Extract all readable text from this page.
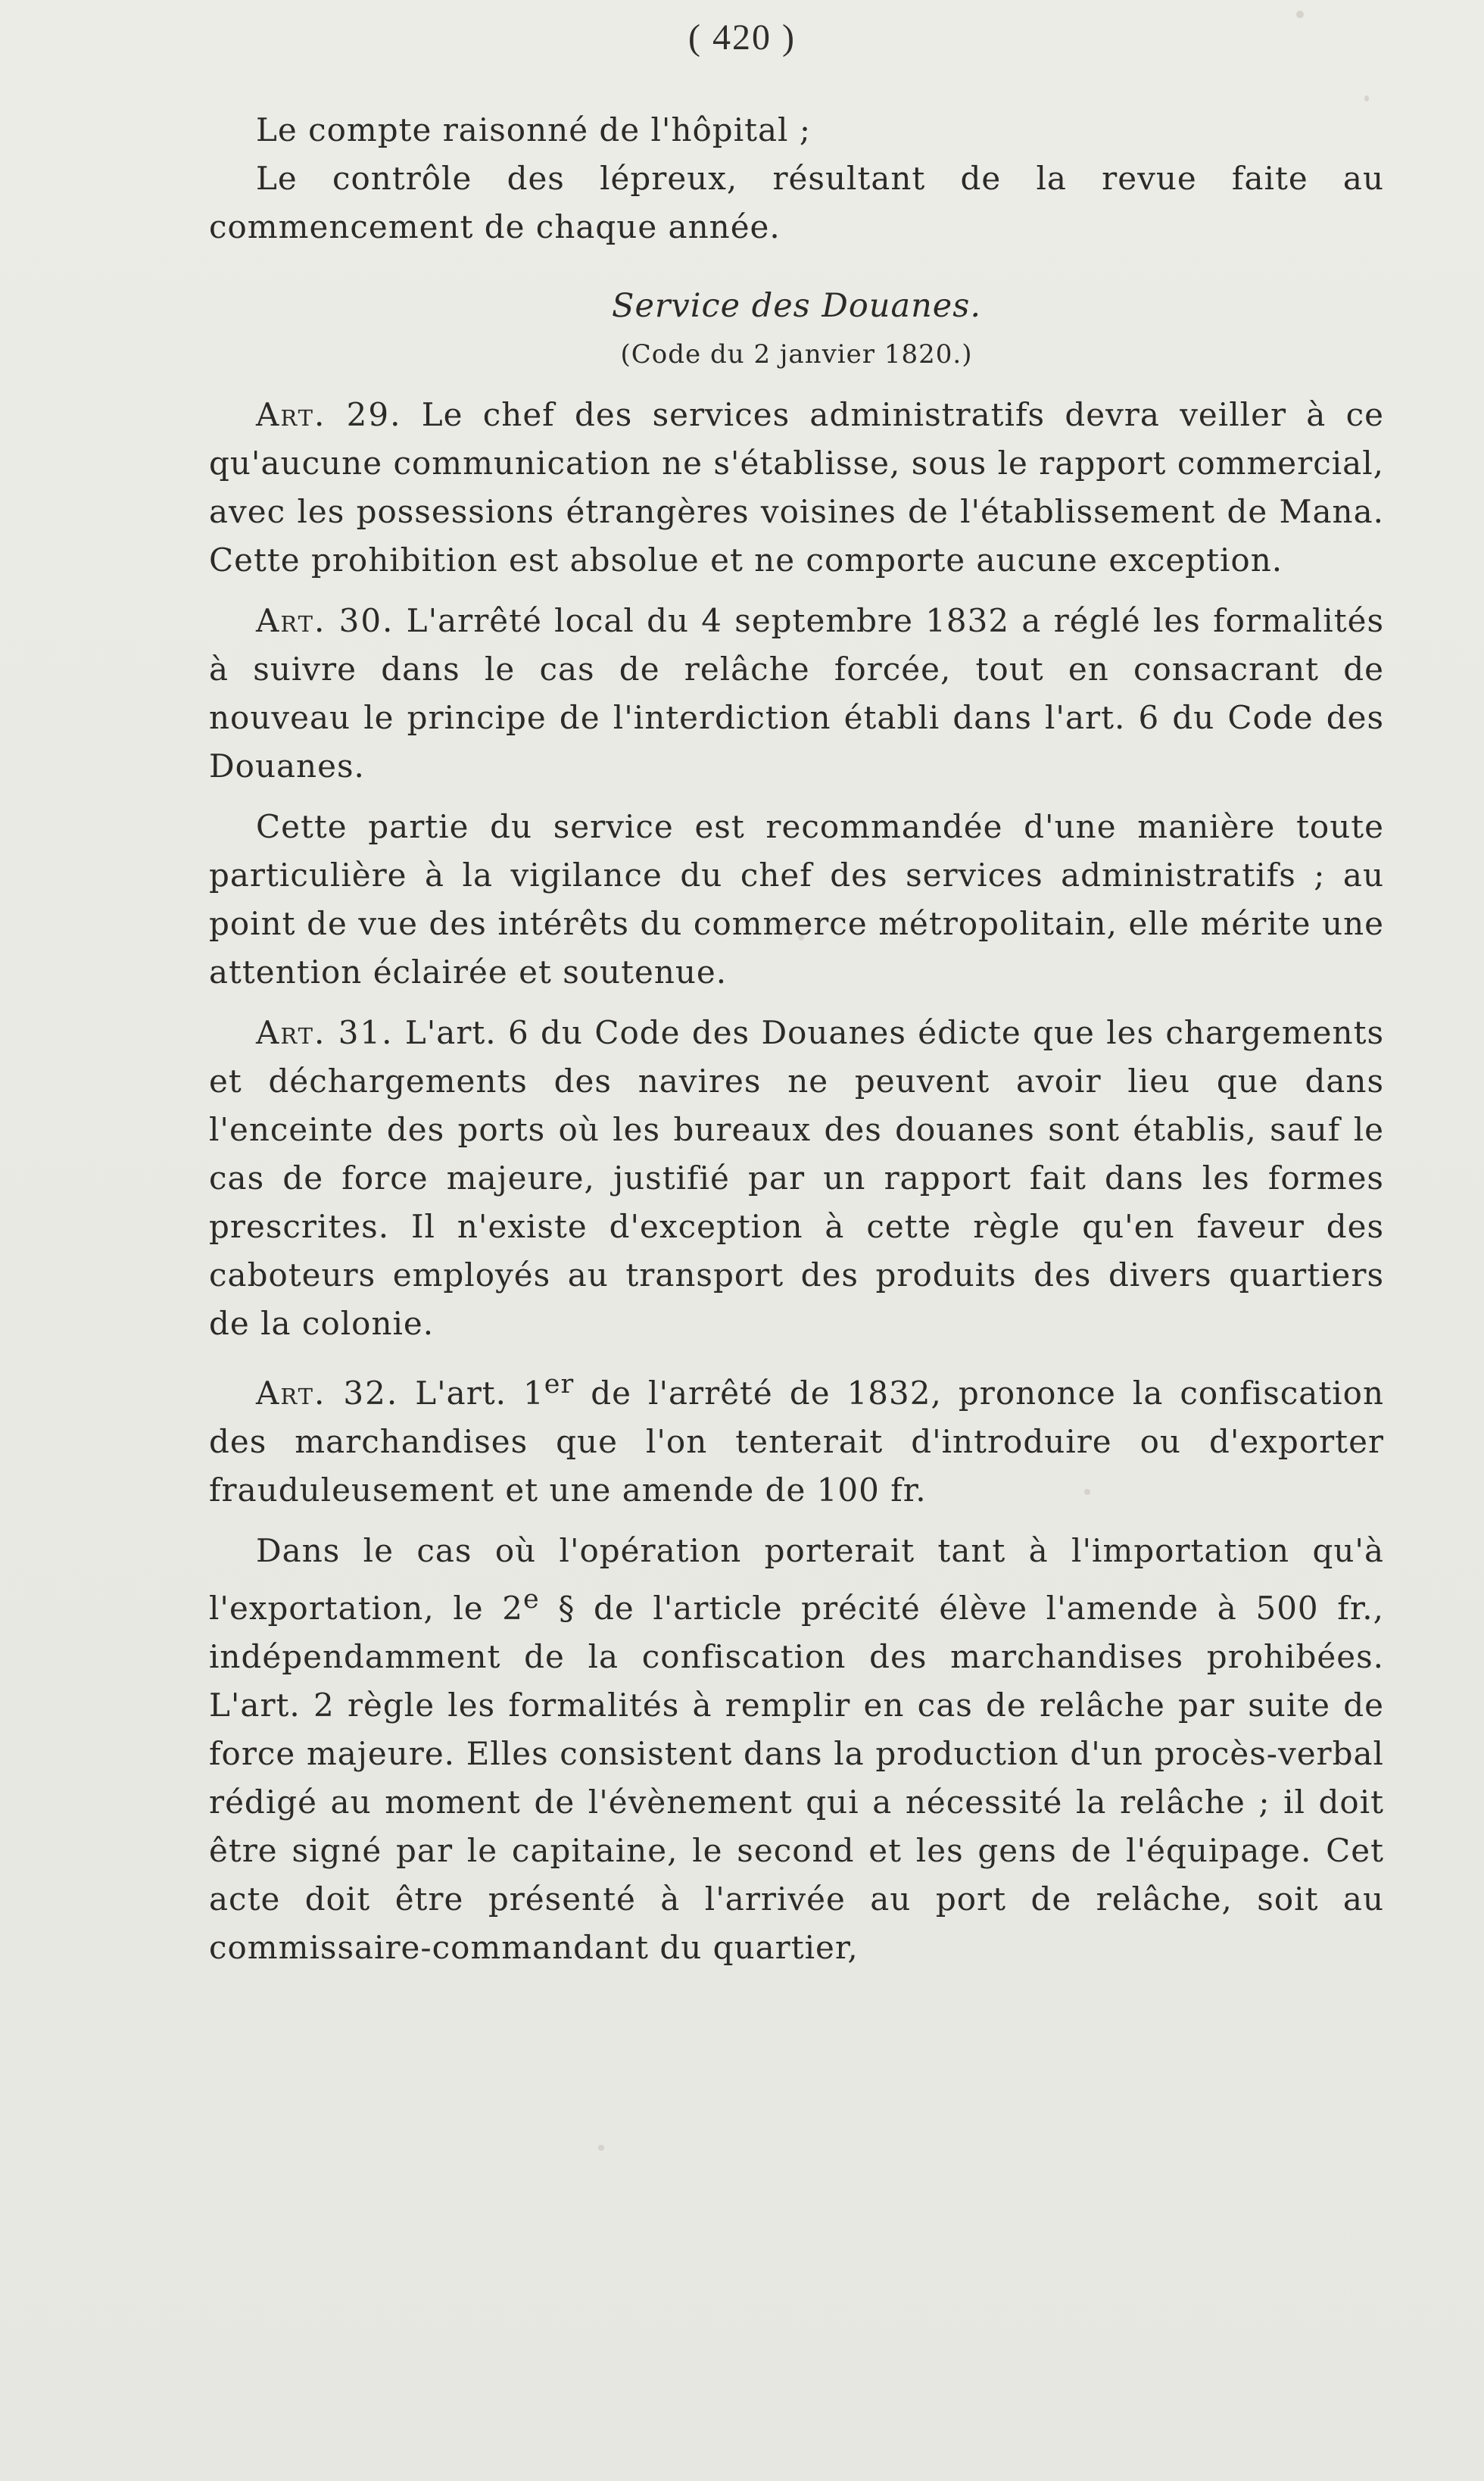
( 420 )

Le compte raisonné de l'hôpital ;

Le contrôle des lépreux, résultant de la revue faite au commencement de chaque année.

Service des Douanes.
(Code du 2 janvier 1820.)

Art. 29. Le chef des services administratifs devra veiller à ce qu'aucune communication ne s'établisse, sous le rapport commercial, avec les possessions étrangères voisines de l'établissement de Mana. Cette prohibition est absolue et ne comporte aucune exception.

Art. 30. L'arrêté local du 4 septembre 1832 a réglé les formalités à suivre dans le cas de relâche forcée, tout en consacrant de nouveau le principe de l'interdiction établi dans l'art. 6 du Code des Douanes.

Cette partie du service est recommandée d'une manière toute particulière à la vigilance du chef des services administratifs ; au point de vue des intérêts du commerce métropolitain, elle mérite une attention éclairée et soutenue.

Art. 31. L'art. 6 du Code des Douanes édicte que les chargements et déchargements des navires ne peuvent avoir lieu que dans l'enceinte des ports où les bureaux des douanes sont établis, sauf le cas de force majeure, justifié par un rapport fait dans les formes prescrites. Il n'existe d'exception à cette règle qu'en faveur des caboteurs employés au transport des produits des divers quartiers de la colonie.

Art. 32. L'art. 1er de l'arrêté de 1832, prononce la confiscation des marchandises que l'on tenterait d'introduire ou d'exporter frauduleusement et une amende de 100 fr.

Dans le cas où l'opération porterait tant à l'importation qu'à l'exportation, le 2e § de l'article précité élève l'amende à 500 fr., indépendamment de la confiscation des marchandises prohibées. L'art. 2 règle les formalités à remplir en cas de relâche par suite de force majeure. Elles consistent dans la production d'un procès-verbal rédigé au moment de l'évènement qui a nécessité la relâche ; il doit être signé par le capitaine, le second et les gens de l'équipage. Cet acte doit être présenté à l'arrivée au port de relâche, soit au commissaire-commandant du quartier,
